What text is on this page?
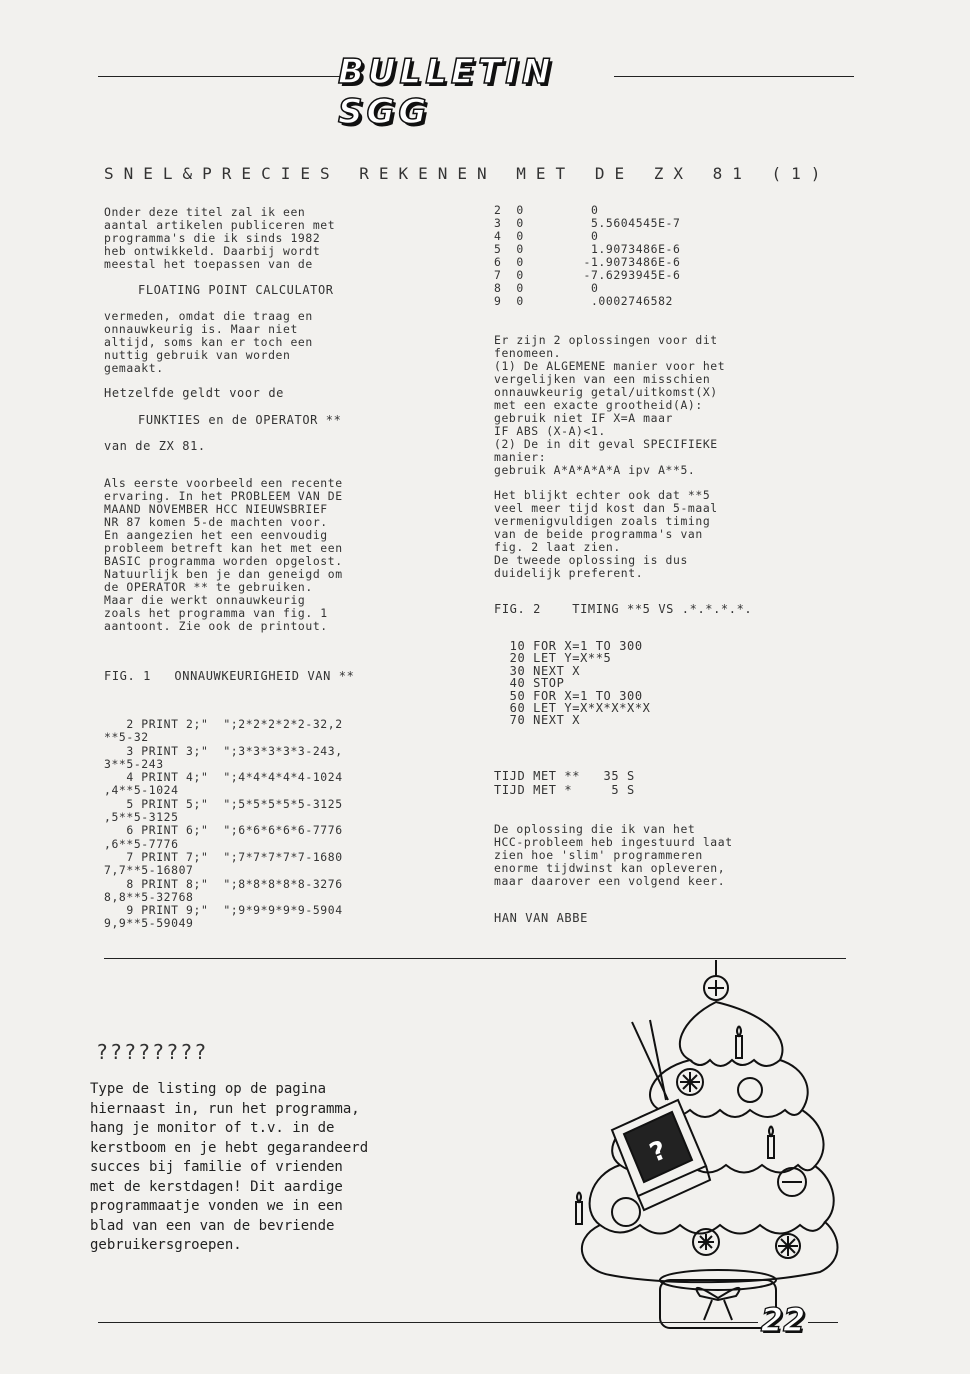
BULLETIN SGG
SNEL&PRECIES REKENEN MET DE ZX 81 (1)
Onder deze titel zal ik een
aantal artikelen publiceren met
programma's die ik sinds 1982
heb ontwikkeld. Daarbij wordt
meestal het toepassen van de
FLOATING POINT CALCULATOR
vermeden, omdat die traag en
onnauwkeurig is. Maar niet
altijd, soms kan er toch een
nuttig gebruik van worden
gemaakt.
Hetzelfde geldt voor de
FUNKTIES en de OPERATOR **
van de ZX 81.
Als eerste voorbeeld een recente
ervaring. In het PROBLEEM VAN DE
MAAND NOVEMBER HCC NIEUWSBRIEF
NR 87 komen 5-de machten voor.
En aangezien het een eenvoudig
probleem betreft kan het met een
BASIC programma worden opgelost.
Natuurlijk ben je dan geneigd om
de OPERATOR ** te gebruiken.
Maar die werkt onnauwkeurig
zoals het programma van fig. 1
aantoont. Zie ook de printout.
FIG. 1   ONNAUWKEURIGHEID VAN **
2 PRINT 2;"  ";2*2*2*2*2-32,2
**5-32
3 PRINT 3;"  ";3*3*3*3*3-243,
3**5-243
4 PRINT 4;"  ";4*4*4*4*4-1024
,4**5-1024
5 PRINT 5;"  ";5*5*5*5*5-3125
,5**5-3125
6 PRINT 6;"  ";6*6*6*6*6-7776
,6**5-7776
7 PRINT 7;"  ";7*7*7*7*7-1680
7,7**5-16807
8 PRINT 8;"  ";8*8*8*8*8-3276
8,8**5-32768
9 PRINT 9;"  ";9*9*9*9*9-5904
9,9**5-59049
2  0         0
3  0         5.5604545E-7
4  0         0
5  0         1.9073486E-6
6  0        -1.9073486E-6
7  0        -7.6293945E-6
8  0         0
9  0         .0002746582
Er zijn 2 oplossingen voor dit
fenomeen.
(1) De ALGEMENE manier voor het
vergelijken van een misschien
onnauwkeurig getal/uitkomst(X)
met een exacte grootheid(A):
gebruik niet IF X=A maar
IF ABS (X-A)<1.
(2) De in dit geval SPECIFIEKE
manier:
gebruik A*A*A*A*A ipv A**5.
Het blijkt echter ook dat **5
veel meer tijd kost dan 5-maal
vermenigvuldigen zoals timing
van de beide programma's van
fig. 2 laat zien.
De tweede oplossing is dus
duidelijk preferent.
FIG. 2    TIMING **5 VS .*.*.*.*.
10 FOR X=1 TO 300
20 LET Y=X**5
30 NEXT X
40 STOP
50 FOR X=1 TO 300
60 LET Y=X*X*X*X*X
70 NEXT X
TIJD MET **   35 S
TIJD MET *     5 S
De oplossing die ik van het
HCC-probleem heb ingestuurd laat
zien hoe 'slim' programmeren
enorme tijdwinst kan opleveren,
maar daarover een volgend keer.
HAN VAN ABBE
????????
Type de listing op de pagina
hiernaast in, run het programma,
hang je monitor of t.v. in de
kerstboom en je hebt gegarandeerd
succes bij familie of vrienden
met de kerstdagen! Dit aardige
programmaatje vonden we in een
blad van een van de bevriende
gebruikersgroepen.
?
22
